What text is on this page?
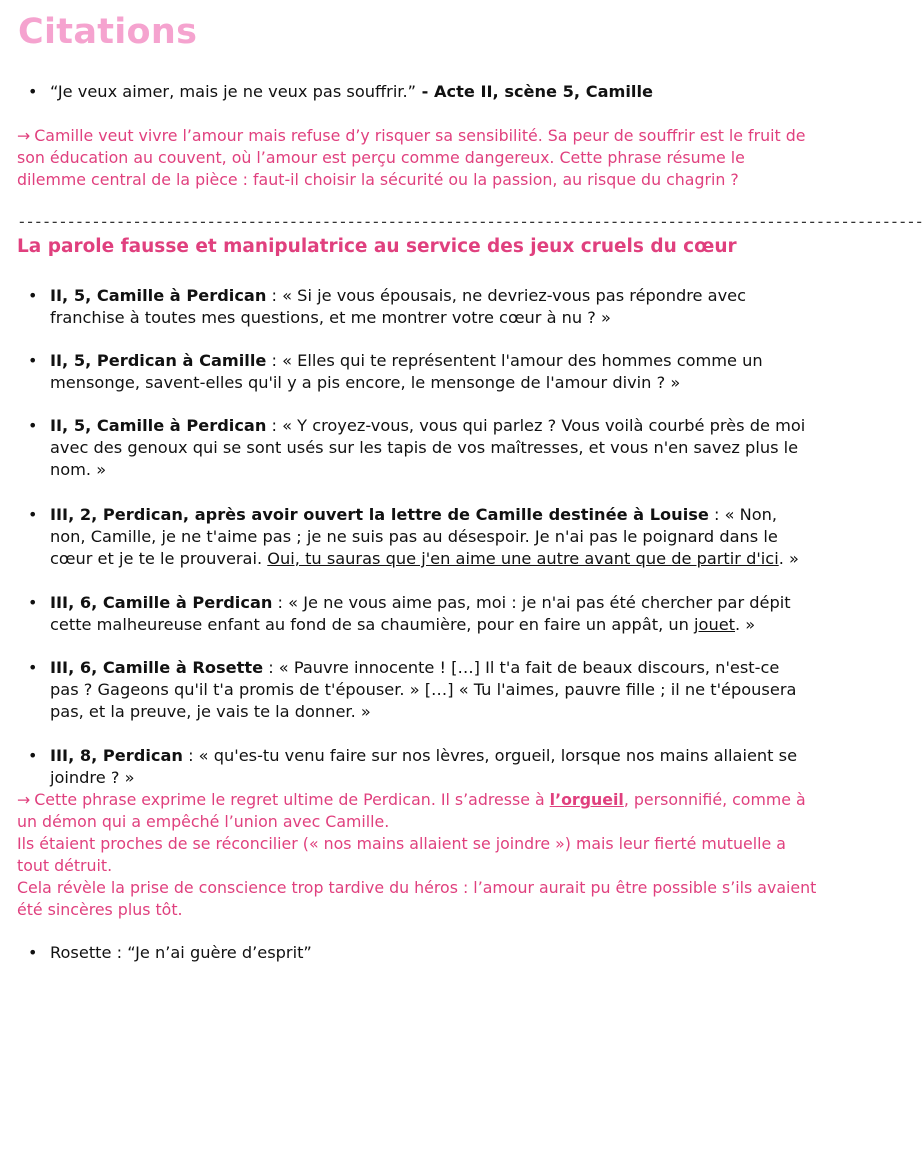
Citations
• “Je veux aimer, mais je ne veux pas souffrir.” - Acte II, scène 5, Camille
→ Camille veut vivre l’amour mais refuse d’y risquer sa sensibilité. Sa peur de souffrir est le fruit de son éducation au couvent, où l’amour est perçu comme dangereux. Cette phrase résume le dilemme central de la pièce : faut-il choisir la sécurité ou la passion, au risque du chagrin ?
--------------------------------------------------------------------------------------------------------------
La parole fausse et manipulatrice au service des jeux cruels du cœur
• II, 5, Camille à Perdican : « Si je vous épousais, ne devriez-vous pas répondre avec franchise à toutes mes questions, et me montrer votre cœur à nu ? »
• II, 5, Perdican à Camille : « Elles qui te représentent l'amour des hommes comme un mensonge, savent-elles qu'il y a pis encore, le mensonge de l'amour divin ? »
• II, 5, Camille à Perdican : « Y croyez-vous, vous qui parlez ? Vous voilà courbé près de moi avec des genoux qui se sont usés sur les tapis de vos maîtresses, et vous n'en savez plus le nom. »
• III, 2, Perdican, après avoir ouvert la lettre de Camille destinée à Louise : « Non, non, Camille, je ne t'aime pas ; je ne suis pas au désespoir. Je n'ai pas le poignard dans le cœur et je te le prouverai. Oui, tu sauras que j'en aime une autre avant que de partir d'ici. »
• III, 6, Camille à Perdican : « Je ne vous aime pas, moi : je n'ai pas été chercher par dépit cette malheureuse enfant au fond de sa chaumière, pour en faire un appât, un jouet. »
• III, 6, Camille à Rosette : « Pauvre innocente ! […] Il t'a fait de beaux discours, n'est-ce pas ? Gageons qu'il t'a promis de t'épouser. » […] « Tu l'aimes, pauvre fille ; il ne t'épousera pas, et la preuve, je vais te la donner. »
• III, 8, Perdican : « qu'es-tu venu faire sur nos lèvres, orgueil, lorsque nos mains allaient se joindre ? »
→ Cette phrase exprime le regret ultime de Perdican. Il s’adresse à l’orgueil, personnifié, comme à un démon qui a empêché l’union avec Camille.
Ils étaient proches de se réconcilier (« nos mains allaient se joindre ») mais leur fierté mutuelle a tout détruit.
Cela révèle la prise de conscience trop tardive du héros : l’amour aurait pu être possible s’ils avaient été sincères plus tôt.
• Rosette : “Je n’ai guère d’esprit”
